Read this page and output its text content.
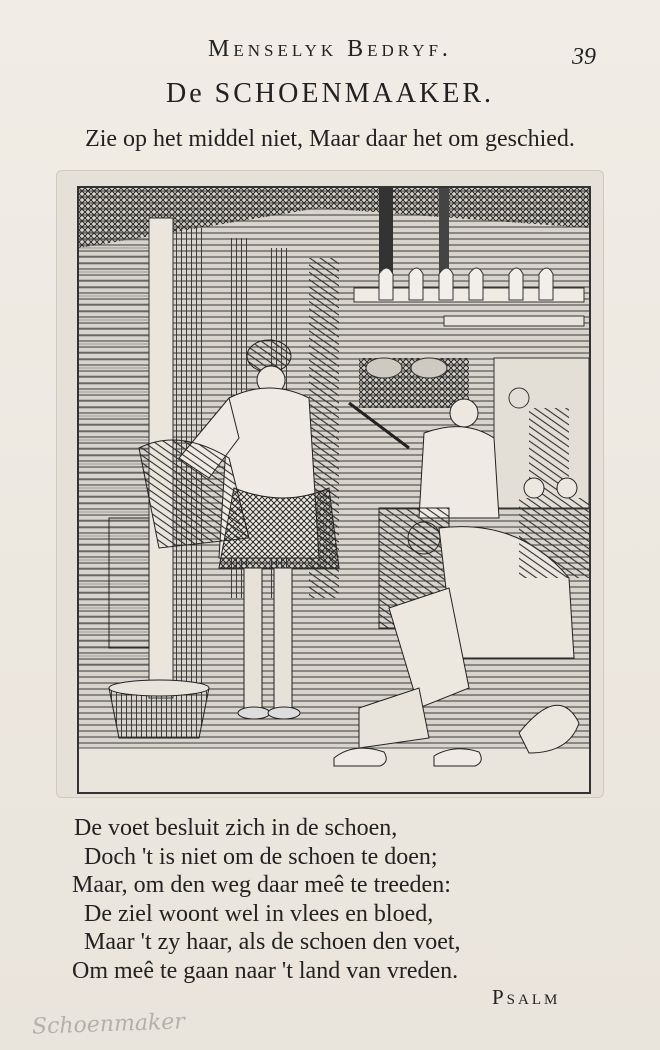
Menselyk Bedryf.	39
De SCHOENMAAKER.
Zie op het middel niet, Maar daar het om geschied.
De voet besluit zich in de schoen,
Doch 't is niet om de schoen te doen;
Maar, om den weg daar meê te treeden:
De ziel woont wel in vlees en bloed,
Maar 't zy haar, als de schoen den voet,
Om meê te gaan naar 't land van vreden.
Psalm
Schoenmaker
